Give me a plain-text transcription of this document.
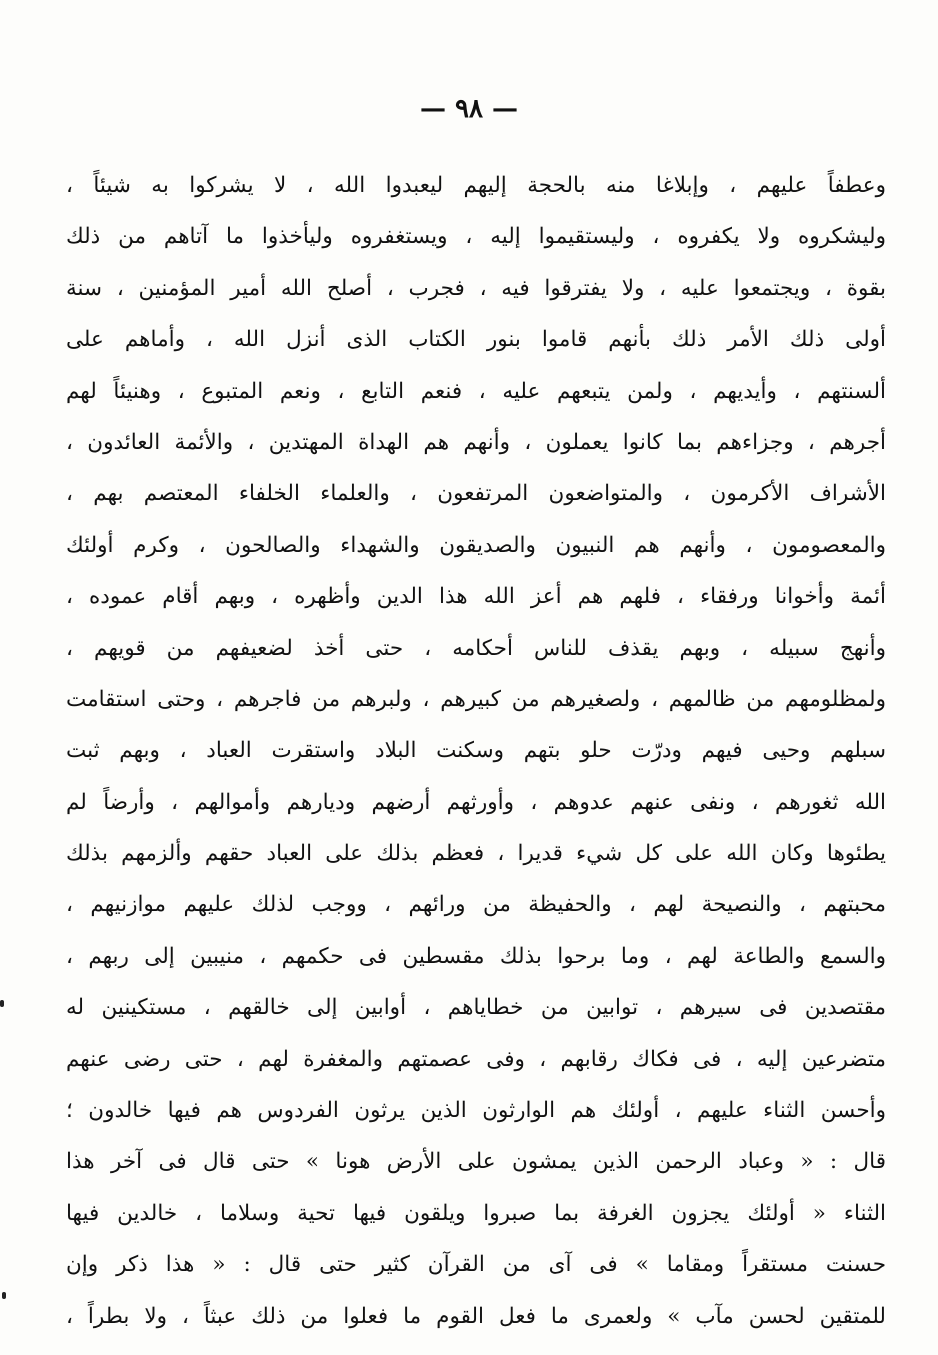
— ٩٨ —
وعطفاً عليهم ، وإبلاغا منه بالحجة إليهم ليعبدوا الله ، لا يشركوا به شيئاً ،
وليشكروه ولا يكفروه ، وليستقيموا إليه ، ويستغفروه وليأخذوا ما آتاهم من ذلك
بقوة ، ويجتمعوا عليه ، ولا يفترقوا فيه ، فجرب ، أصلح الله أمير المؤمنين ، سنة
أولى ذلك الأمر ذلك بأنهم قاموا بنور الكتاب الذى أنزل الله ، وأماهم على
ألسنتهم ، وأيديهم ، ولمن يتبعهم عليه ، فنعم التابع ، ونعم المتبوع ، وهنيئاً لهم
أجرهم ، وجزاءهم بما كانوا يعملون ، وأنهم هم الهداة المهتدين ، والأئمة العائدون ،
الأشراف الأكرمون ، والمتواضعون المرتفعون ، والعلماء الخلفاء المعتصم بهم ،
والمعصومون ، وأنهم هم النبيون والصديقون والشهداء والصالحون ، وكرم أولئك
أئمة وأخوانا ورفقاء ، فلهم هم أعز الله هذا الدين وأظهره ، وبهم أقام عموده ،
وأنهج سبيله ، وبهم يقذف للناس أحكامه ، حتى أخذ لضعيفهم من قويهم ،
ولمظلومهم من ظالمهم ، ولصغيرهم من كبيرهم ، ولبرهم من فاجرهم ، وحتى استقامت
سبلهم وحيى فيهم ودرّت حلو بتهم وسكنت البلاد واستقرت العباد ، وبهم ثبت
الله ثغورهم ، ونفى عنهم عدوهم ، وأورثهم أرضهم وديارهم وأموالهم ، وأرضاً لم
يطئوها وكان الله على كل شيء قديرا ، فعظم بذلك على العباد حقهم وألزمهم بذلك
محبتهم ، والنصيحة لهم ، والحفيظة من ورائهم ، ووجب لذلك عليهم موازنيهم ،
والسمع والطاعة لهم ، وما برحوا بذلك مقسطين فى حكمهم ، منيبين إلى ربهم ،
مقتصدين فى سيرهم ، توابين من خطاياهم ، أوابين إلى خالقهم ، مستكينين له
متضرعين إليه ، فى فكاك رقابهم ، وفى عصمتهم والمغفرة لهم ، حتى رضى عنهم
وأحسن الثناء عليهم ، أولئك هم الوارثون الذين يرثون الفردوس هم فيها خالدون ؛
قال : « وعباد الرحمن الذين يمشون على الأرض هونا » حتى قال فى آخر هذا
الثناء « أولئك يجزون الغرفة بما صبروا ويلقون فيها تحية وسلاما ، خالدين فيها
حسنت مستقراً ومقاما » فى آى من القرآن كثير حتى قال : « هذا ذكر وإن
للمتقين لحسن مآب » ولعمرى ما فعل القوم ما فعلوا من ذلك عبثاً ، ولا بطراً ،
